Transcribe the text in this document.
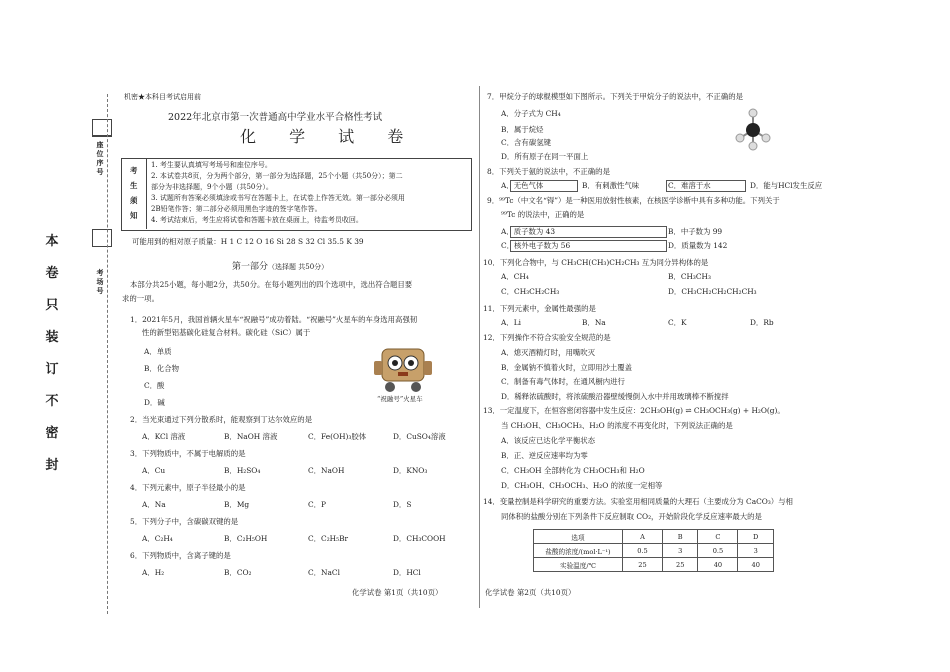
座位序号
考场号
本
卷
只
装
订
不
密
封
机密★本科目考试启用前
2022年北京市第一次普通高中学业水平合格性考试
化 学 试 卷
考生须知
1. 考生要认真填写考场号和座位序号。
2. 本试卷共8页，分为两个部分，第一部分为选择题，25个小题（共50分）；第二
部分为非选择题，9个小题（共50分）。
3. 试题所有答案必须填涂或书写在答题卡上，在试卷上作答无效。第一部分必须用
2B铅笔作答；第二部分必须用黑色字迹的签字笔作答。
4. 考试结束后，考生应将试卷和答题卡放在桌面上，待监考员收回。
可能用到的相对原子质量：H 1 C 12 O 16 Si 28 S 32 Cl 35.5 K 39
第一部分（选择题 共50分）
本部分共25小题，每小题2分，共50分。在每小题列出的四个选项中，选出符合题目要
求的一项。
1．2021年5月，我国首辆火星车“祝融号”成功着陆。“祝融号”火星车的车身选用高强韧
性的新型铝基碳化硅复合材料。碳化硅（SiC）属于
A．单质
B．化合物
C．酸
D．碱	“祝融号”火星车
2．当光束通过下列分散系时，能观察到丁达尔效应的是
A．KCl 溶液	B．NaOH 溶液	C．Fe(OH)₃胶体	D．CuSO₄溶液
3．下列物质中，不属于电解质的是
A．Cu	B．H₂SO₄	C．NaOH	D．KNO₃
4．下列元素中，原子半径最小的是
A．Na	B．Mg	C．P	D．S
5．下列分子中，含碳碳双键的是
A．C₂H₄	B．C₂H₅OH	C．C₂H₅Br	D．CH₃COOH
6．下列物质中，含离子键的是
A．H₂	B．CO₂	C．NaCl	D．HCl
化学试卷 第1页（共10页）
7．甲烷分子的球棍模型如下图所示。下列关于甲烷分子的说法中，不正确的是
A．分子式为 CH₄
B．属于烷烃
C．含有碳氢键
D．所有原子在同一平面上
8．下列关于氨的说法中，不正确的是
A．无色气体	B．有刺激性气味	C．难溶于水	D．能与HCl发生反应
9．⁹⁹Tc（中文名“锝”）是一种医用放射性核素，在核医学诊断中具有多种功能。下列关于
⁹⁹Tc 的说法中，正确的是
A．质子数为 43	B．中子数为 99
C．核外电子数为 56	D．质量数为 142
10．下列化合物中，与 CH₃CH(CH₃)CH₂CH₃ 互为同分异构体的是
A．CH₄	B．CH₃CH₃
C．CH₃CH₂CH₃	D．CH₃CH₂CH₂CH₂CH₃
11．下列元素中，金属性最强的是
A．Li	B．Na	C．K	D．Rb
12．下列操作不符合实验安全规范的是
A．熄灭酒精灯时，用嘴吹灭
B．金属钠不慎着火时，立即用沙土覆盖
C．制备有毒气体时，在通风橱内进行
D．稀释浓硫酸时，将浓硫酸沿器壁缓慢倒入水中并用玻璃棒不断搅拌
13．一定温度下，在恒容密闭容器中发生反应：2CH₃OH(g) ⇌ CH₃OCH₃(g) + H₂O(g)。
当 CH₃OH、CH₃OCH₃、H₂O 的浓度不再变化时，下列说法正确的是
A．该反应已达化学平衡状态
B．正、逆反应速率均为零
C．CH₃OH 全部转化为 CH₃OCH₃和 H₂O
D．CH₃OH、CH₃OCH₃、H₂O 的浓度一定相等
14．变量控制是科学研究的重要方法。实验室用相同质量的大理石（主要成分为 CaCO₃）与相
同体积的盐酸分别在下列条件下反应制取 CO₂，开始阶段化学反应速率最大的是
选项	A	B	C	D
盐酸的浓度/(mol·L⁻¹)	0.5	3	0.5	3
实验温度/℃	25	25	40	40
化学试卷 第2页（共10页）
